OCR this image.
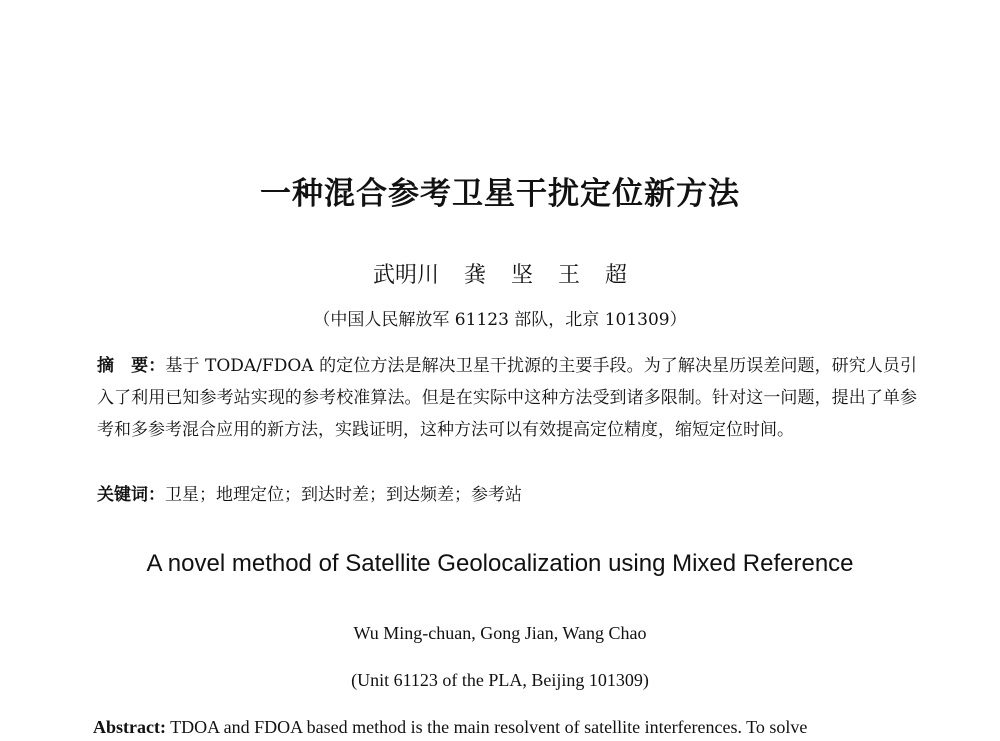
一种混合参考卫星干扰定位新方法
武明川 龚 坚 王 超
（中国人民解放军 61123 部队，北京 101309）
摘　要：基于 TODA/FDOA 的定位方法是解决卫星干扰源的主要手段。为了解决星历误差问题，研究人员引入了利用已知参考站实现的参考校准算法。但是在实际中这种方法受到诸多限制。针对这一问题，提出了单参考和多参考混合应用的新方法，实践证明，这种方法可以有效提高定位精度，缩短定位时间。
关键词：卫星；地理定位；到达时差；到达频差；参考站
A novel method of Satellite Geolocalization using Mixed Reference
Wu Ming-chuan, Gong Jian, Wang Chao
(Unit 61123 of the PLA, Beijing 101309)
Abstract: TDOA and FDOA based method is the main resolvent of satellite interferences. To solve
